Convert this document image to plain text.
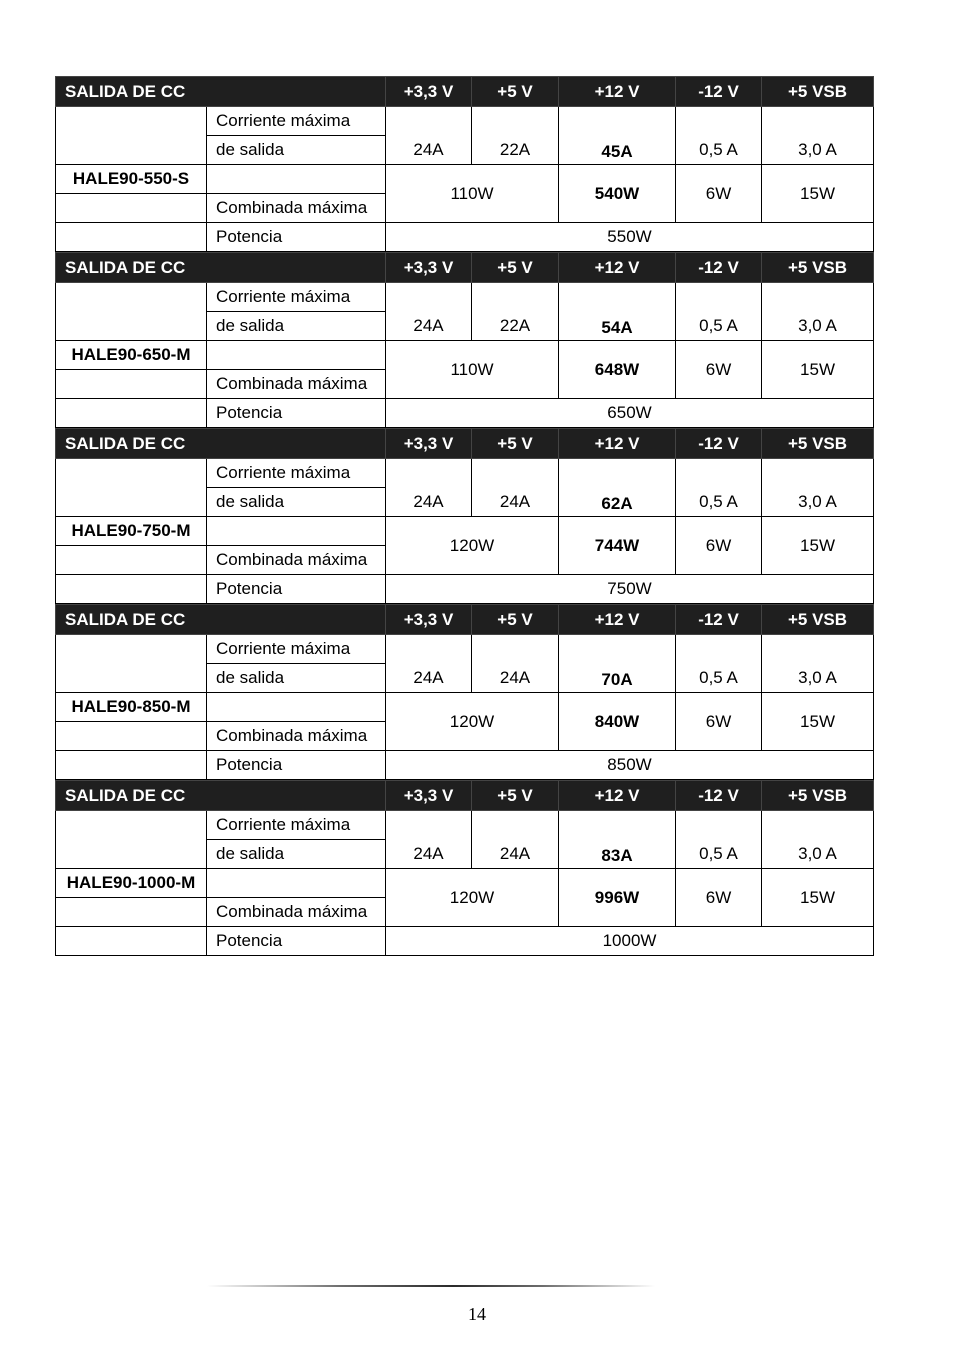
SALIDA DE CC		+3,3 V	+5 V	+12 V	-12 V	+5 VSB
	Corriente máxima	24A	22A	45A	0,5 A	3,0 A
	de salida					
HALE90-550-S		110W		540W	6W	15W
	Combinada máxima					
	Potencia	550W				
SALIDA DE CC		+3,3 V	+5 V	+12 V	-12 V	+5 VSB
	Corriente máxima	24A	22A	54A	0,5 A	3,0 A
	de salida					
HALE90-650-M		110W		648W	6W	15W
	Combinada máxima					
	Potencia	650W				
SALIDA DE CC		+3,3 V	+5 V	+12 V	-12 V	+5 VSB
	Corriente máxima	24A	24A	62A	0,5 A	3,0 A
	de salida					
HALE90-750-M		120W		744W	6W	15W
	Combinada máxima					
	Potencia	750W				
SALIDA DE CC		+3,3 V	+5 V	+12 V	-12 V	+5 VSB
	Corriente máxima	24A	24A	70A	0,5 A	3,0 A
	de salida					
HALE90-850-M		120W		840W	6W	15W
	Combinada máxima					
	Potencia	850W				
SALIDA DE CC		+3,3 V	+5 V	+12 V	-12 V	+5 VSB
	Corriente máxima	24A	24A	83A	0,5 A	3,0 A
	de salida					
HALE90-1000-M		120W		996W	6W	15W
	Combinada máxima					
	Potencia	1000W				
14
